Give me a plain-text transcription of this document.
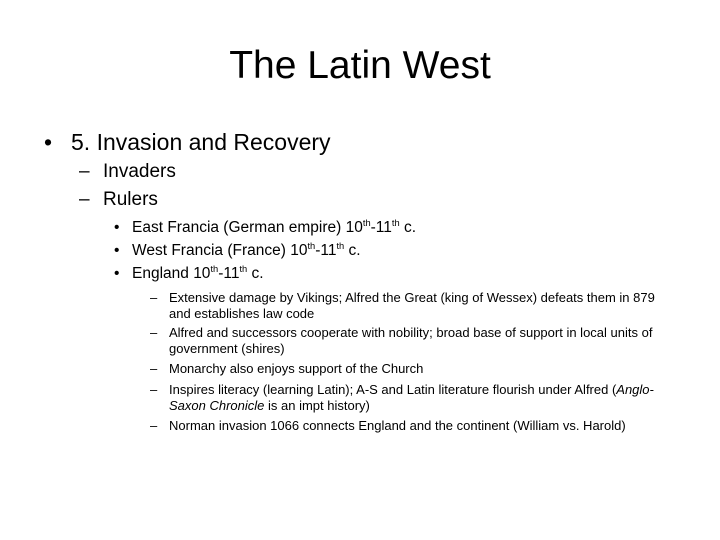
The Latin West
• 5. Invasion and Recovery
– Invaders
– Rulers
• East Francia (German empire) 10th-11th c.
• West Francia (France) 10th-11th c.
• England 10th-11th c.
– Extensive damage by Vikings; Alfred the Great (king of Wessex) defeats them in 879 and establishes law code
– Alfred and successors cooperate with nobility; broad base of support in local units of government (shires)
– Monarchy also enjoys support of the Church
– Inspires literacy (learning Latin); A-S and Latin literature flourish under Alfred (Anglo-Saxon Chronicle is an impt history)
– Norman invasion 1066 connects England and the continent (William vs. Harold)
